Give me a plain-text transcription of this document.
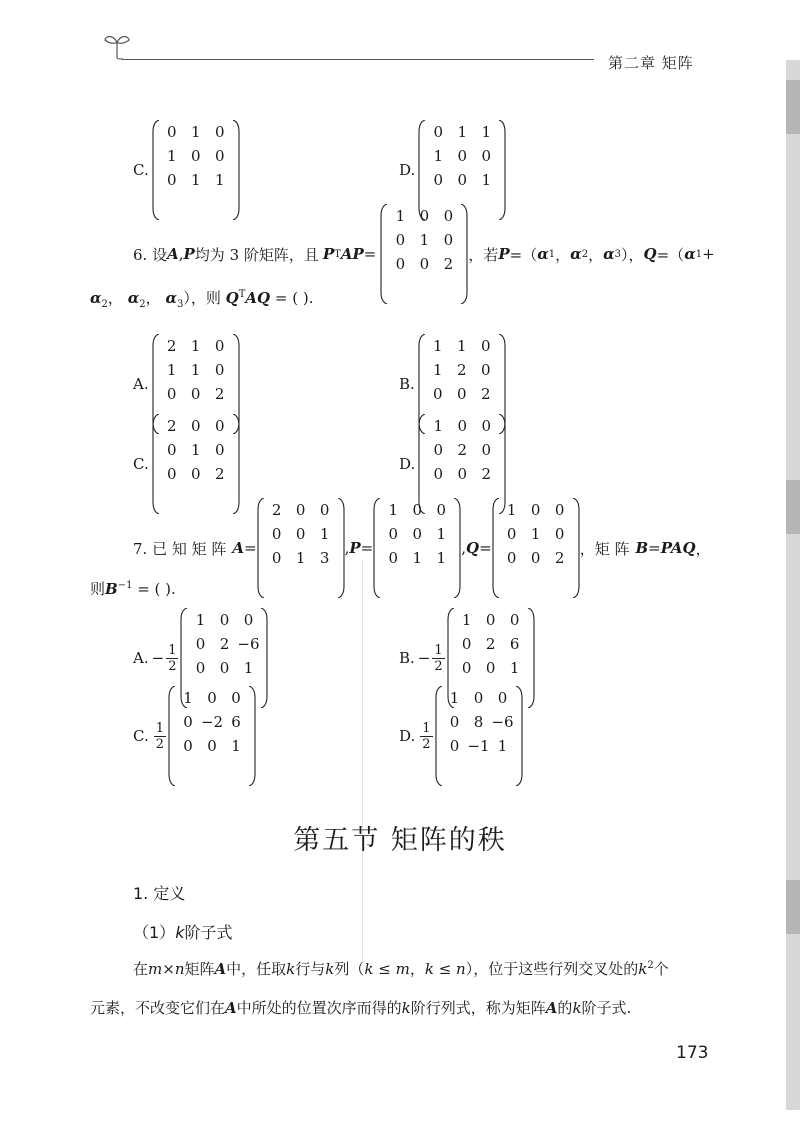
第二章 矩阵
C.
0 1 0
1 0 0
0 1 1
D.
0 1 1
1 0 0
0 0 1
6. 设 A , P 均为 3 阶矩阵，且 P T AP =
1 0 0
0 1 0
0 0 2
，若 P =（ α 1 ， α 2 ， α 3 ）， Q =（ α 1 +
$\alpha_2$， $\alpha_2$， $\alpha_3$），则 $Q^TAQ$ = ( ).
A.
2 1 0
1 1 0
0 0 2
B.
1 1 0
1 2 0
0 0 2
C.
2 0 0
0 1 0
0 0 2
D.
1 0 0
0 2 0
0 0 2
7. 已 知 矩 阵 A =
2 0 0
0 0 1
0 1 3
, P =
1 0 0
0 0 1
0 1 1
, Q =
1 0 0
0 1 0
0 0 2
，矩 阵 B = PAQ ，
则$B^{-1}$ = ( ).
A. − $\frac{1}{2}$
1 0 0
0 2 −6
0 0 1
B. − $\frac{1}{2}$
1 0 0
0 2 6
0 0 1
C. $\frac{1}{2}$
1 0 0
0 −2 6
0 0 1
D. $\frac{1}{2}$
1 0 0
0 8 −6
0 −1 1
第五节 矩阵的秩
1. 定义
（1）k阶子式
在m×n矩阵A中，任取k行与k列（k ≤ m，k ≤ n），位于这些行列交叉处的$k^2$个
元素，不改变它们在A中所处的位置次序而得的k阶行列式，称为矩阵A的k阶子式.
173
